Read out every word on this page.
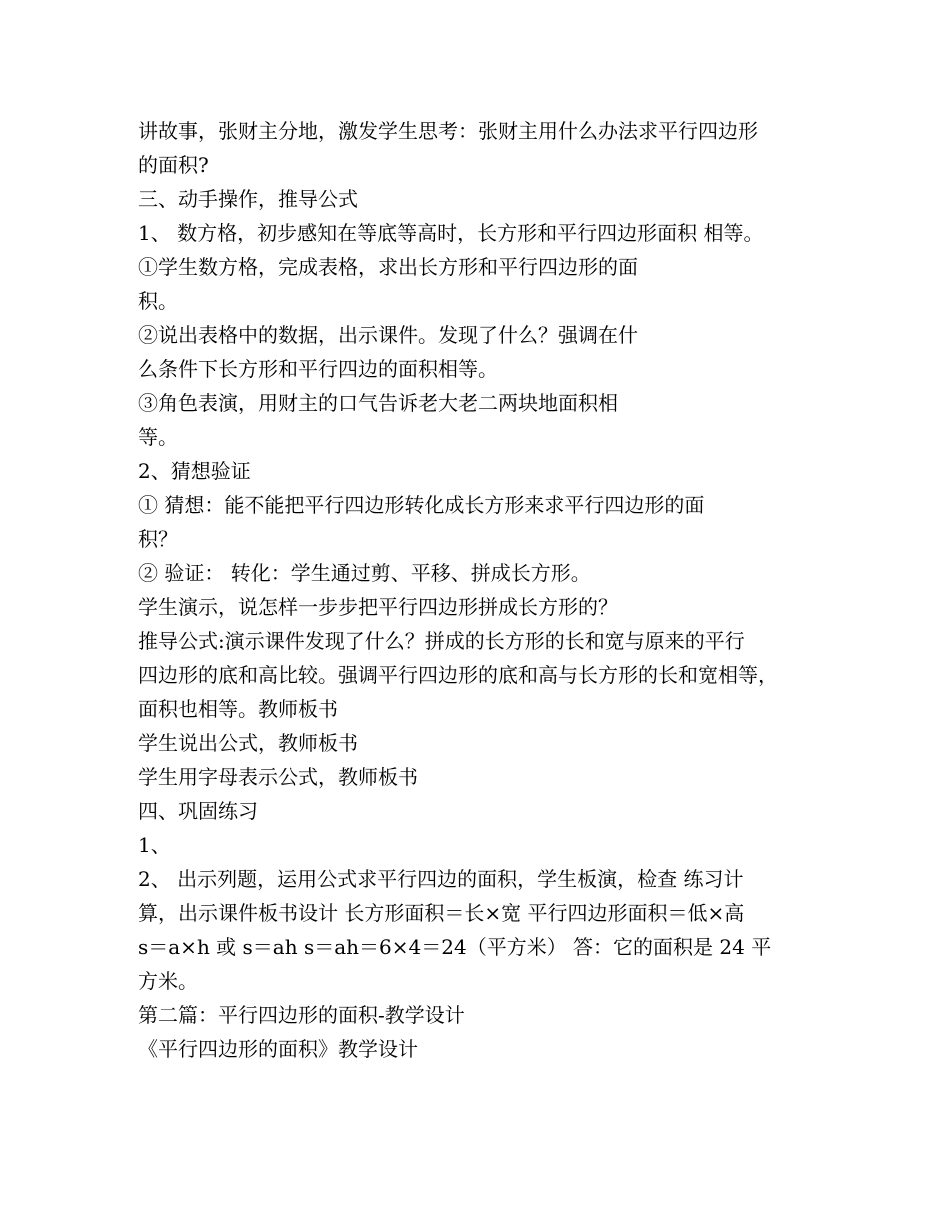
讲故事，张财主分地，激发学生思考：张财主用什么办法求平行四边形
的面积?
三、动手操作，推导公式
1、 数方格，初步感知在等底等高时，长方形和平行四边形面积 相等。
①学生数方格，完成表格，求出长方形和平行四边形的面
积。
②说出表格中的数据，出示课件。发现了什么？强调在什
么条件下长方形和平行四边的面积相等。
③角色表演，用财主的口气告诉老大老二两块地面积相
等。
2、猜想验证
① 猜想：能不能把平行四边形转化成长方形来求平行四边形的面
积？
② 验证： 转化：学生通过剪、平移、拼成长方形。
学生演示，说怎样一步步把平行四边形拼成长方形的？
推导公式:演示课件发现了什么？拼成的长方形的长和宽与原来的平行
四边形的底和高比较。强调平行四边形的底和高与长方形的长和宽相等，
面积也相等。教师板书
学生说出公式，教师板书
学生用字母表示公式，教师板书
四、巩固练习
1、
2、 出示列题，运用公式求平行四边的面积，学生板演，检查 练习计
算，出示课件板书设计 长方形面积＝长×宽 平行四边形面积＝低×高
s＝a×h 或 s＝ah s＝ah＝6×4＝24（平方米） 答：它的面积是 24 平
方米。
第二篇：平行四边形的面积-教学设计
《平行四边形的面积》教学设计
